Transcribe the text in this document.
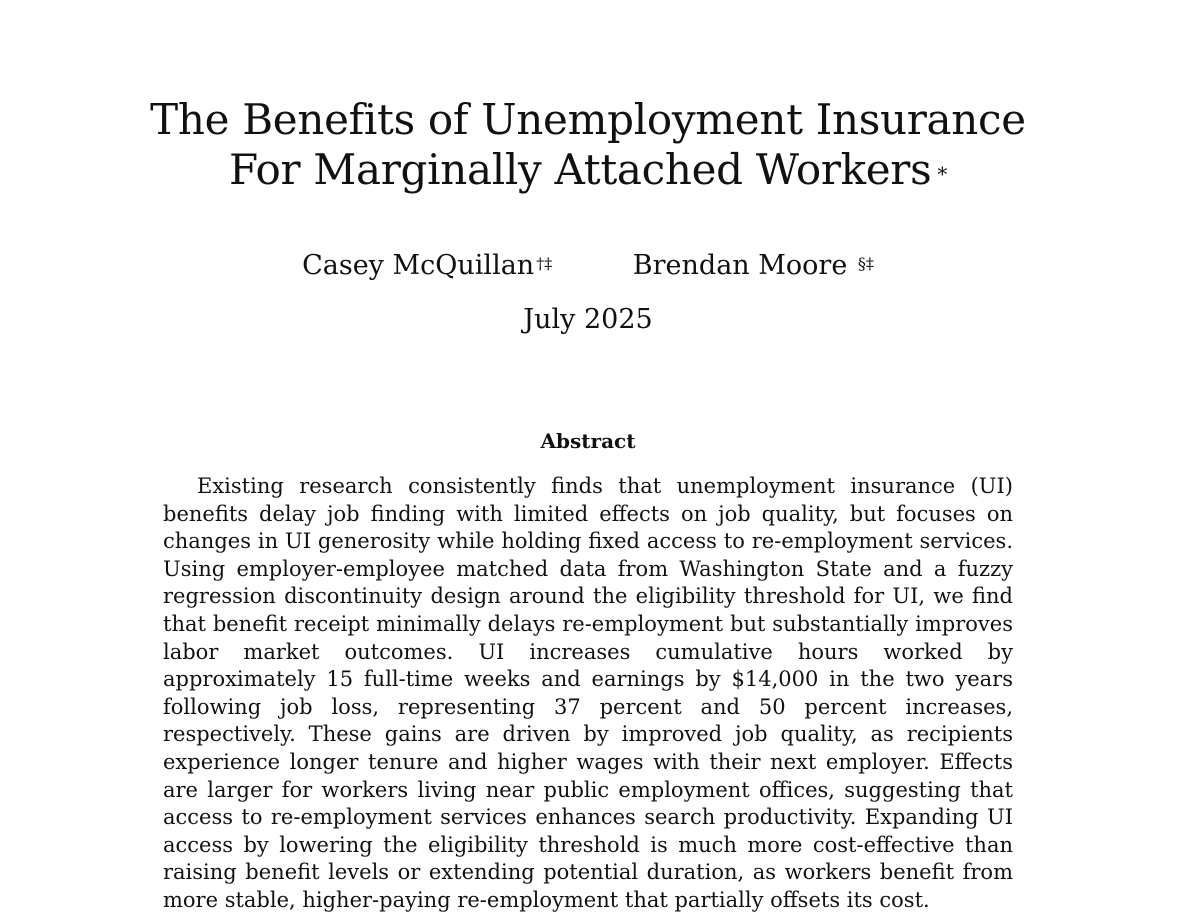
The Benefits of Unemployment Insurance
For Marginally Attached Workers *
Casey McQuillan †‡	Brendan Moore §‡
July 2025
Abstract

Existing research consistently finds that unemployment insurance (UI) benefits delay job finding with limited effects on job quality, but focuses on changes in UI generosity while holding fixed access to re-employment services. Using employer-employee matched data from Washington State and a fuzzy regression discontinuity design around the eligibility threshold for UI, we find that benefit receipt minimally delays re-employment but substantially improves labor market outcomes. UI increases cumulative hours worked by approximately 15 full-time weeks and earnings by $14,000 in the two years following job loss, representing 37 percent and 50 percent increases, respectively. These gains are driven by improved job quality, as recipients experience longer tenure and higher wages with their next employer. Effects are larger for workers living near public employment offices, suggesting that access to re-employment services enhances search productivity. Expanding UI access by lowering the eligibility threshold is much more cost-effective than raising benefit levels or extending potential duration, as workers benefit from more stable, higher-paying re-employment that partially offsets its cost.
